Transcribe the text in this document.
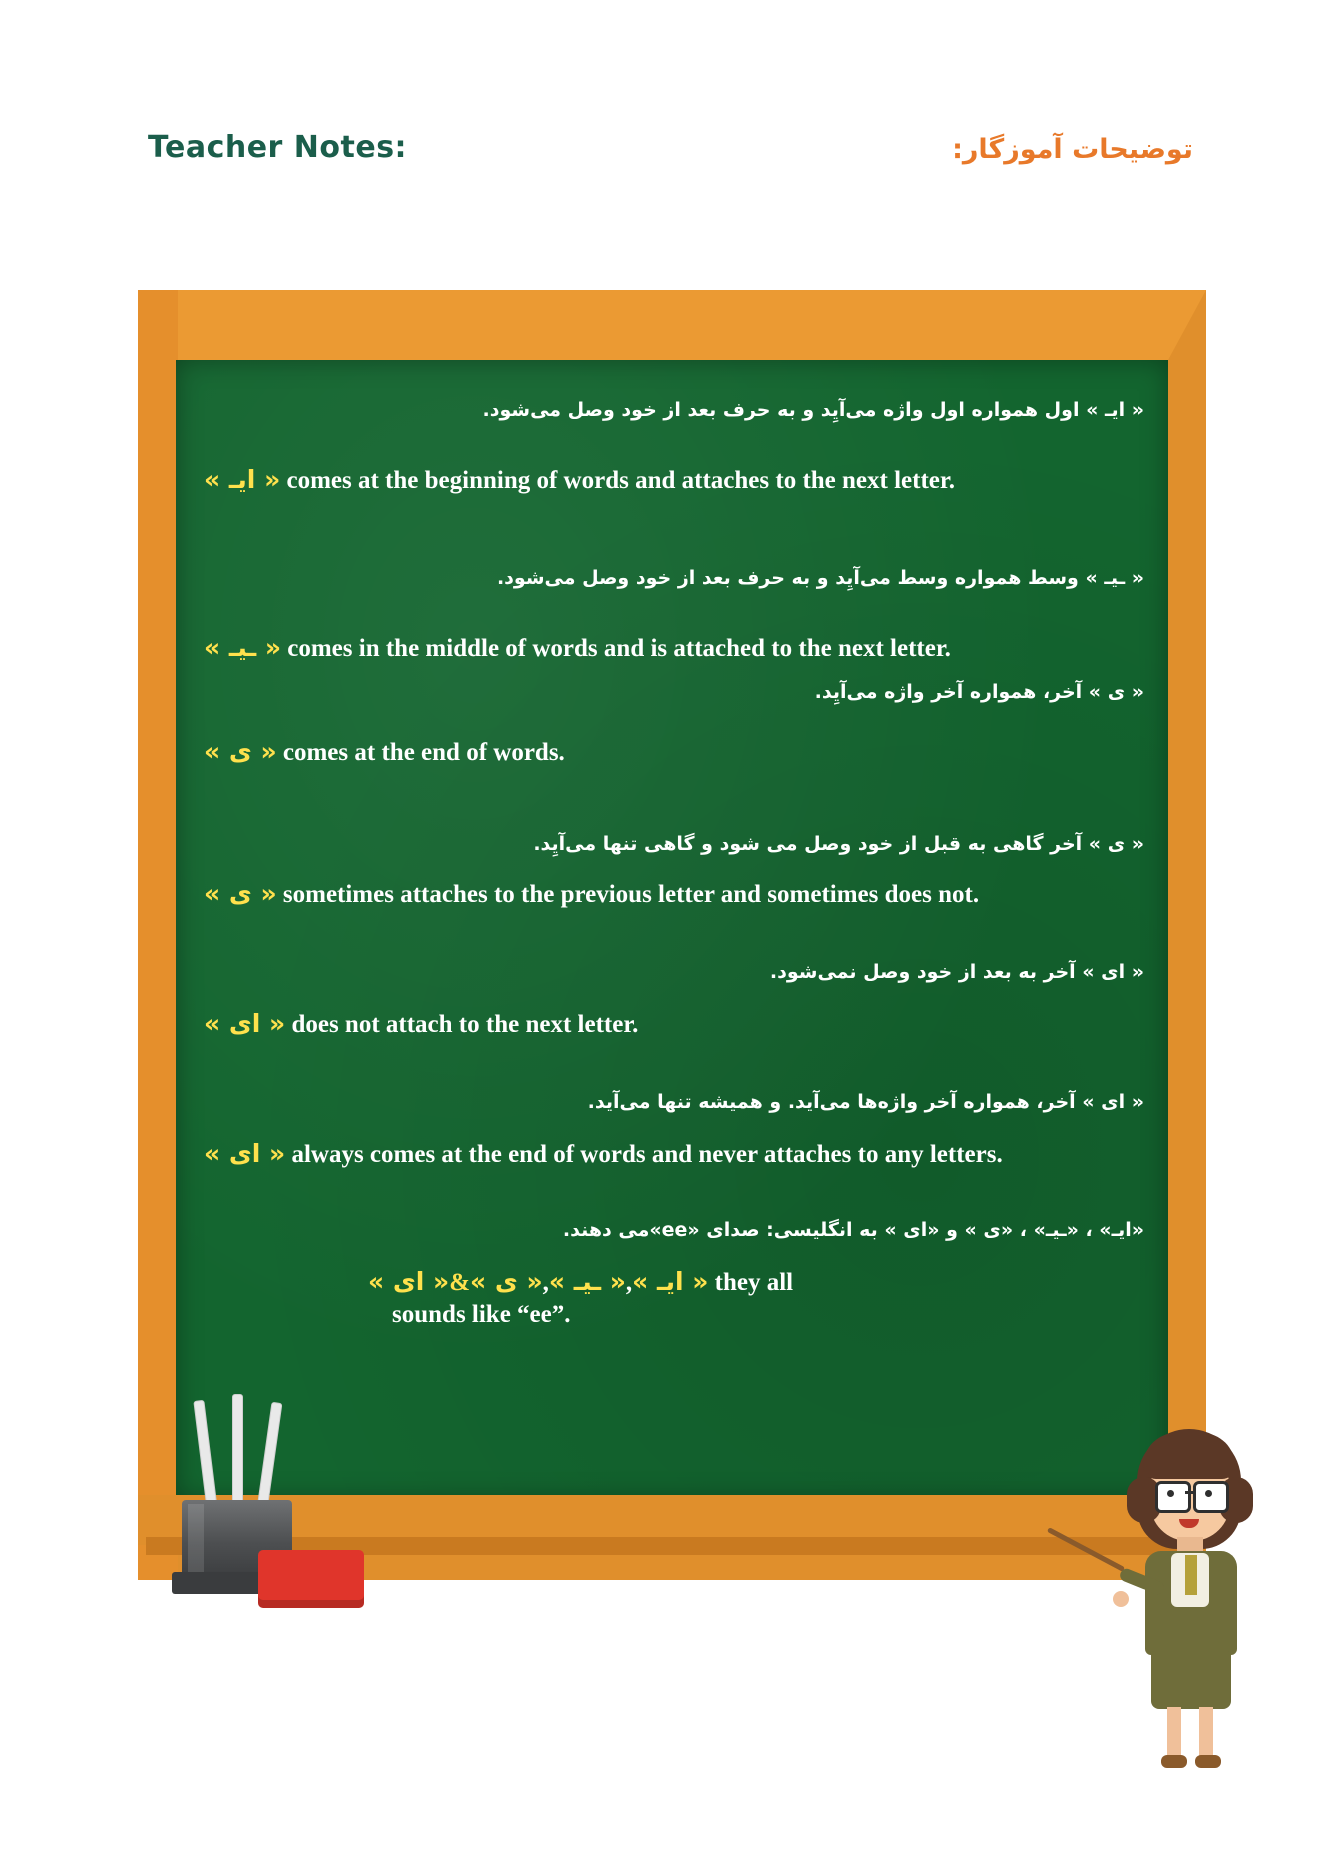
Teacher Notes:	توضیحات آموزگار:
« ایـ » اول همواره اول واژه می‌آیِد و به حرف بعد از خود وصل می‌شود.
« ایـ » comes at the beginning of words and attaches to the next letter.
« ـیـ » وسط همواره وسط می‌آیِد و به حرف بعد از خود وصل می‌شود.
« ـیـ » comes in the middle of words and is attached to the next letter.
« ی » آخر، همواره آخر واژه می‌آیِد.
« ی » comes at the end of words.
« ی » آخر گاهی به قبل از خود وصل می شود و گاهی تنها می‌آیِد.
« ی » sometimes attaches to the previous letter and sometimes does not.
« ای » آخر به بعد از خود وصل نمی‌شود.
« ای » does not attach to the next letter.
« ای » آخر، همواره آخر واژه‌ها می‌آید. و همیشه تنها می‌آید.
« ای » always comes at the end of words and never attaches to any letters.
«ایـ» ، «ـیـ» ، «ی » و «ای » به انگلیسی: صدای «ee»می دهند.
« ایـ »,« ـیـ »,« ی »&« ای » they all
sounds like “ee”.
